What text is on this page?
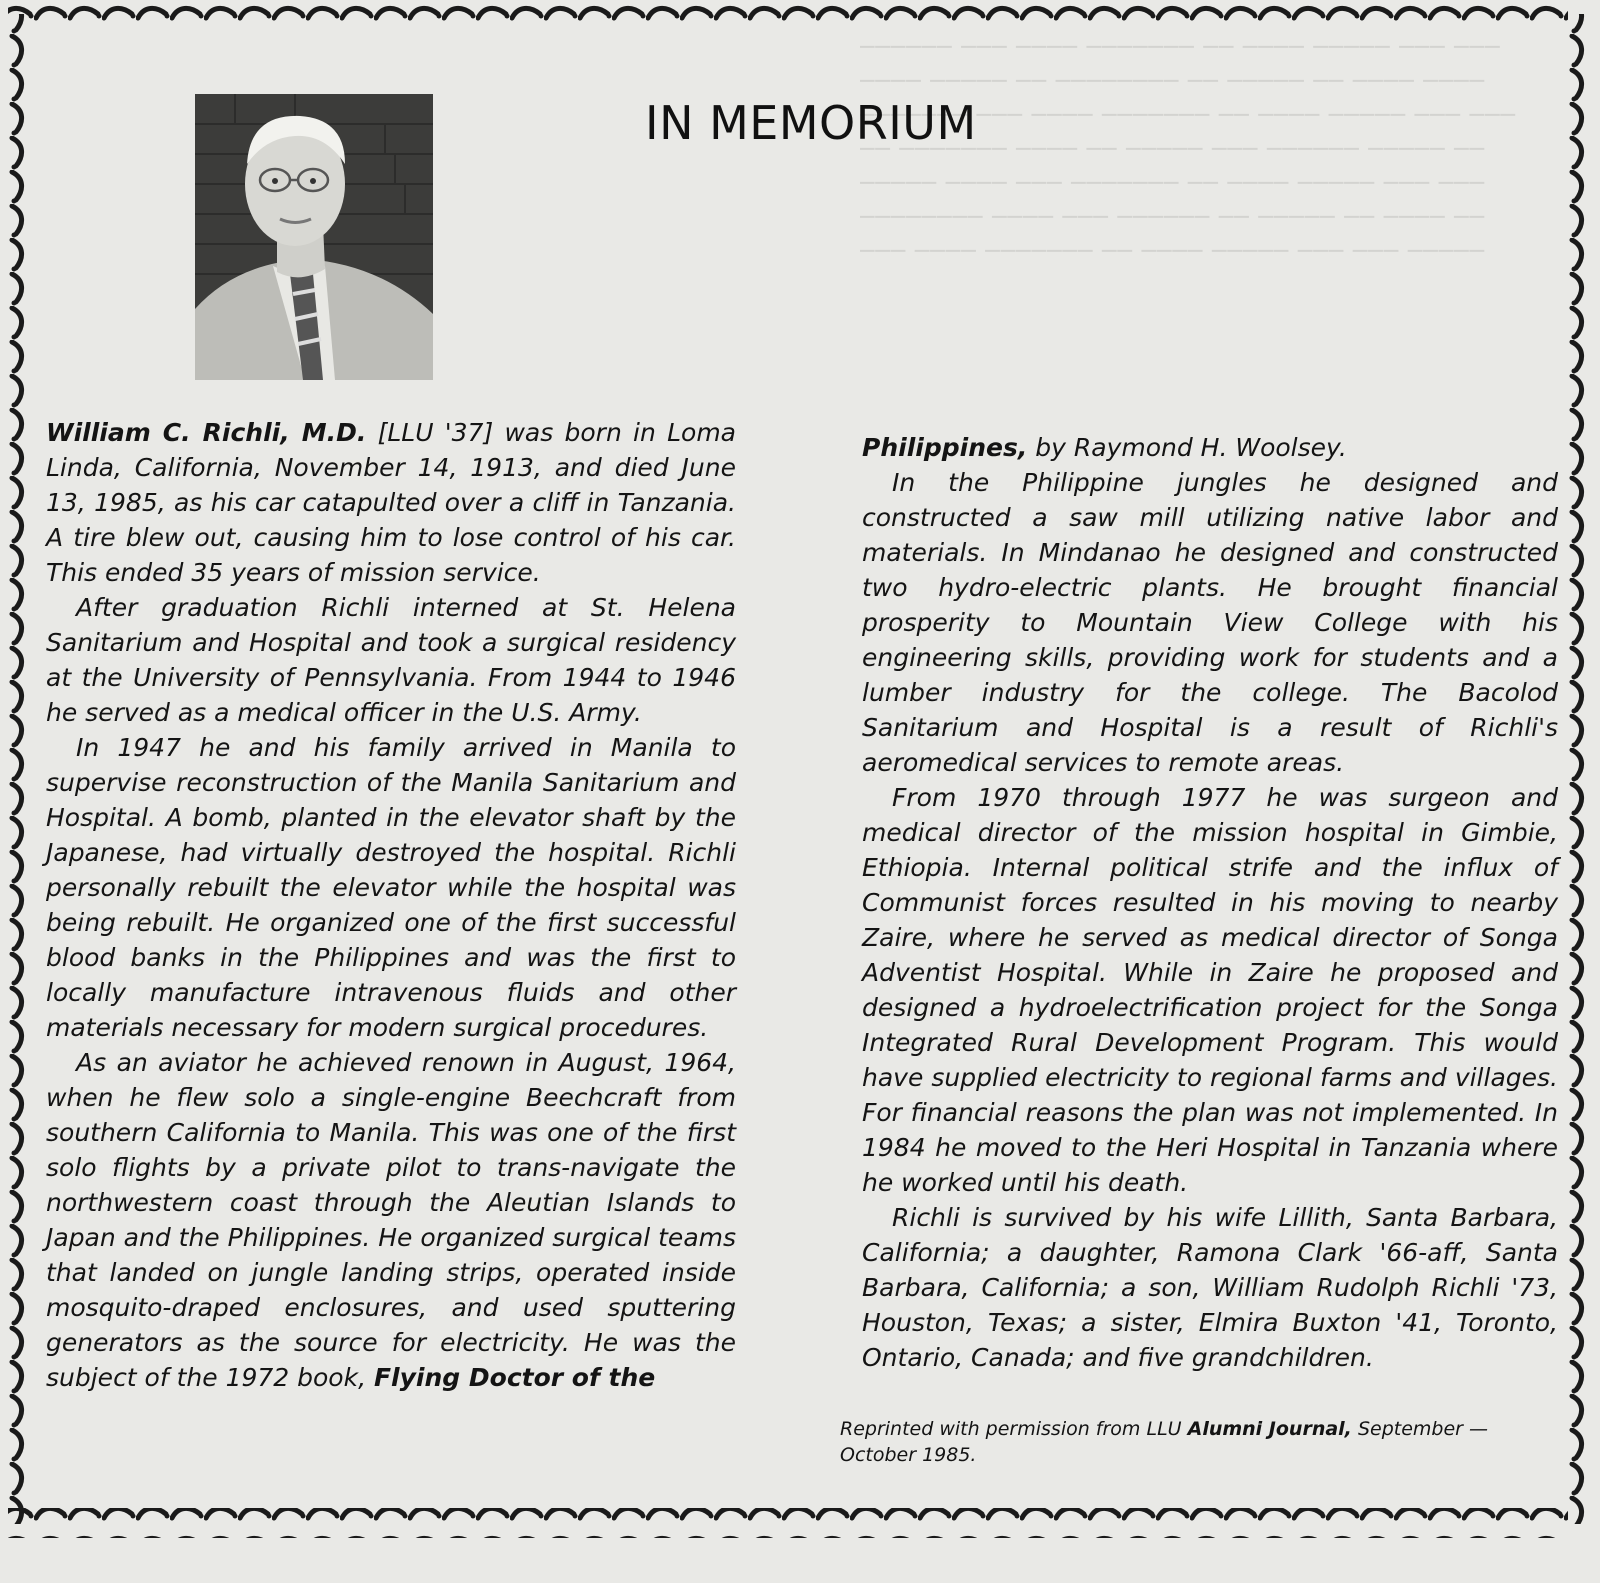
────── ─── ──── ─────── ── ──── ───── ─── ───
──── ───── ── ──────── ── ───── ── ──── ────
─────── ─── ──── ─────── ── ──── ───── ─── ───
── ─────── ──── ── ───── ─── ────── ───── ──
───── ──── ─── ─────── ── ──── ───── ─── ───
──────── ──── ─── ────── ── ───── ── ──── ──
─── ──── ─────── ── ──── ───── ─── ─── ─────
IN MEMORIUM

William C. Richli, M.D. [LLU '37] was born in Loma Linda, California, November 14, 1913, and died June 13, 1985, as his car catapulted over a cliff in Tanzania. A tire blew out, causing him to lose control of his car. This ended 35 years of mission service.

After graduation Richli interned at St. Helena Sanitarium and Hospital and took a surgical residency at the University of Pennsylvania. From 1944 to 1946 he served as a medical officer in the U.S. Army.

In 1947 he and his family arrived in Manila to supervise reconstruction of the Manila Sanitarium and Hospital. A bomb, planted in the elevator shaft by the Japanese, had virtually destroyed the hospital. Richli personally rebuilt the elevator while the hospital was being rebuilt. He organized one of the first successful blood banks in the Philippines and was the first to locally manufacture intravenous fluids and other materials necessary for modern surgical procedures.

As an aviator he achieved renown in August, 1964, when he flew solo a single-engine Beechcraft from southern California to Manila. This was one of the first solo flights by a private pilot to trans-navigate the northwestern coast through the Aleutian Islands to Japan and the Philippines. He organized surgical teams that landed on jungle landing strips, operated inside mosquito-draped enclosures, and used sputtering generators as the source for electricity. He was the subject of the 1972 book, Flying Doctor of the

Philippines, by Raymond H. Woolsey.

In the Philippine jungles he designed and constructed a saw mill utilizing native labor and materials. In Mindanao he designed and constructed two hydro-electric plants. He brought financial prosperity to Mountain View College with his engineering skills, providing work for students and a lumber industry for the college. The Bacolod Sanitarium and Hospital is a result of Richli's aeromedical services to remote areas.

From 1970 through 1977 he was surgeon and medical director of the mission hospital in Gimbie, Ethiopia. Internal political strife and the influx of Communist forces resulted in his moving to nearby Zaire, where he served as medical director of Songa Adventist Hospital. While in Zaire he proposed and designed a hydroelectrification project for the Songa Integrated Rural Development Program. This would have supplied electricity to regional farms and villages. For financial reasons the plan was not implemented. In 1984 he moved to the Heri Hospital in Tanzania where he worked until his death.

Richli is survived by his wife Lillith, Santa Barbara, California; a daughter, Ramona Clark '66-aff, Santa Barbara, California; a son, William Rudolph Richli '73, Houston, Texas; a sister, Elmira Buxton '41, Toronto, Ontario, Canada; and five grandchildren.

Reprinted with permission from LLU Alumni Journal, September — October 1985.
